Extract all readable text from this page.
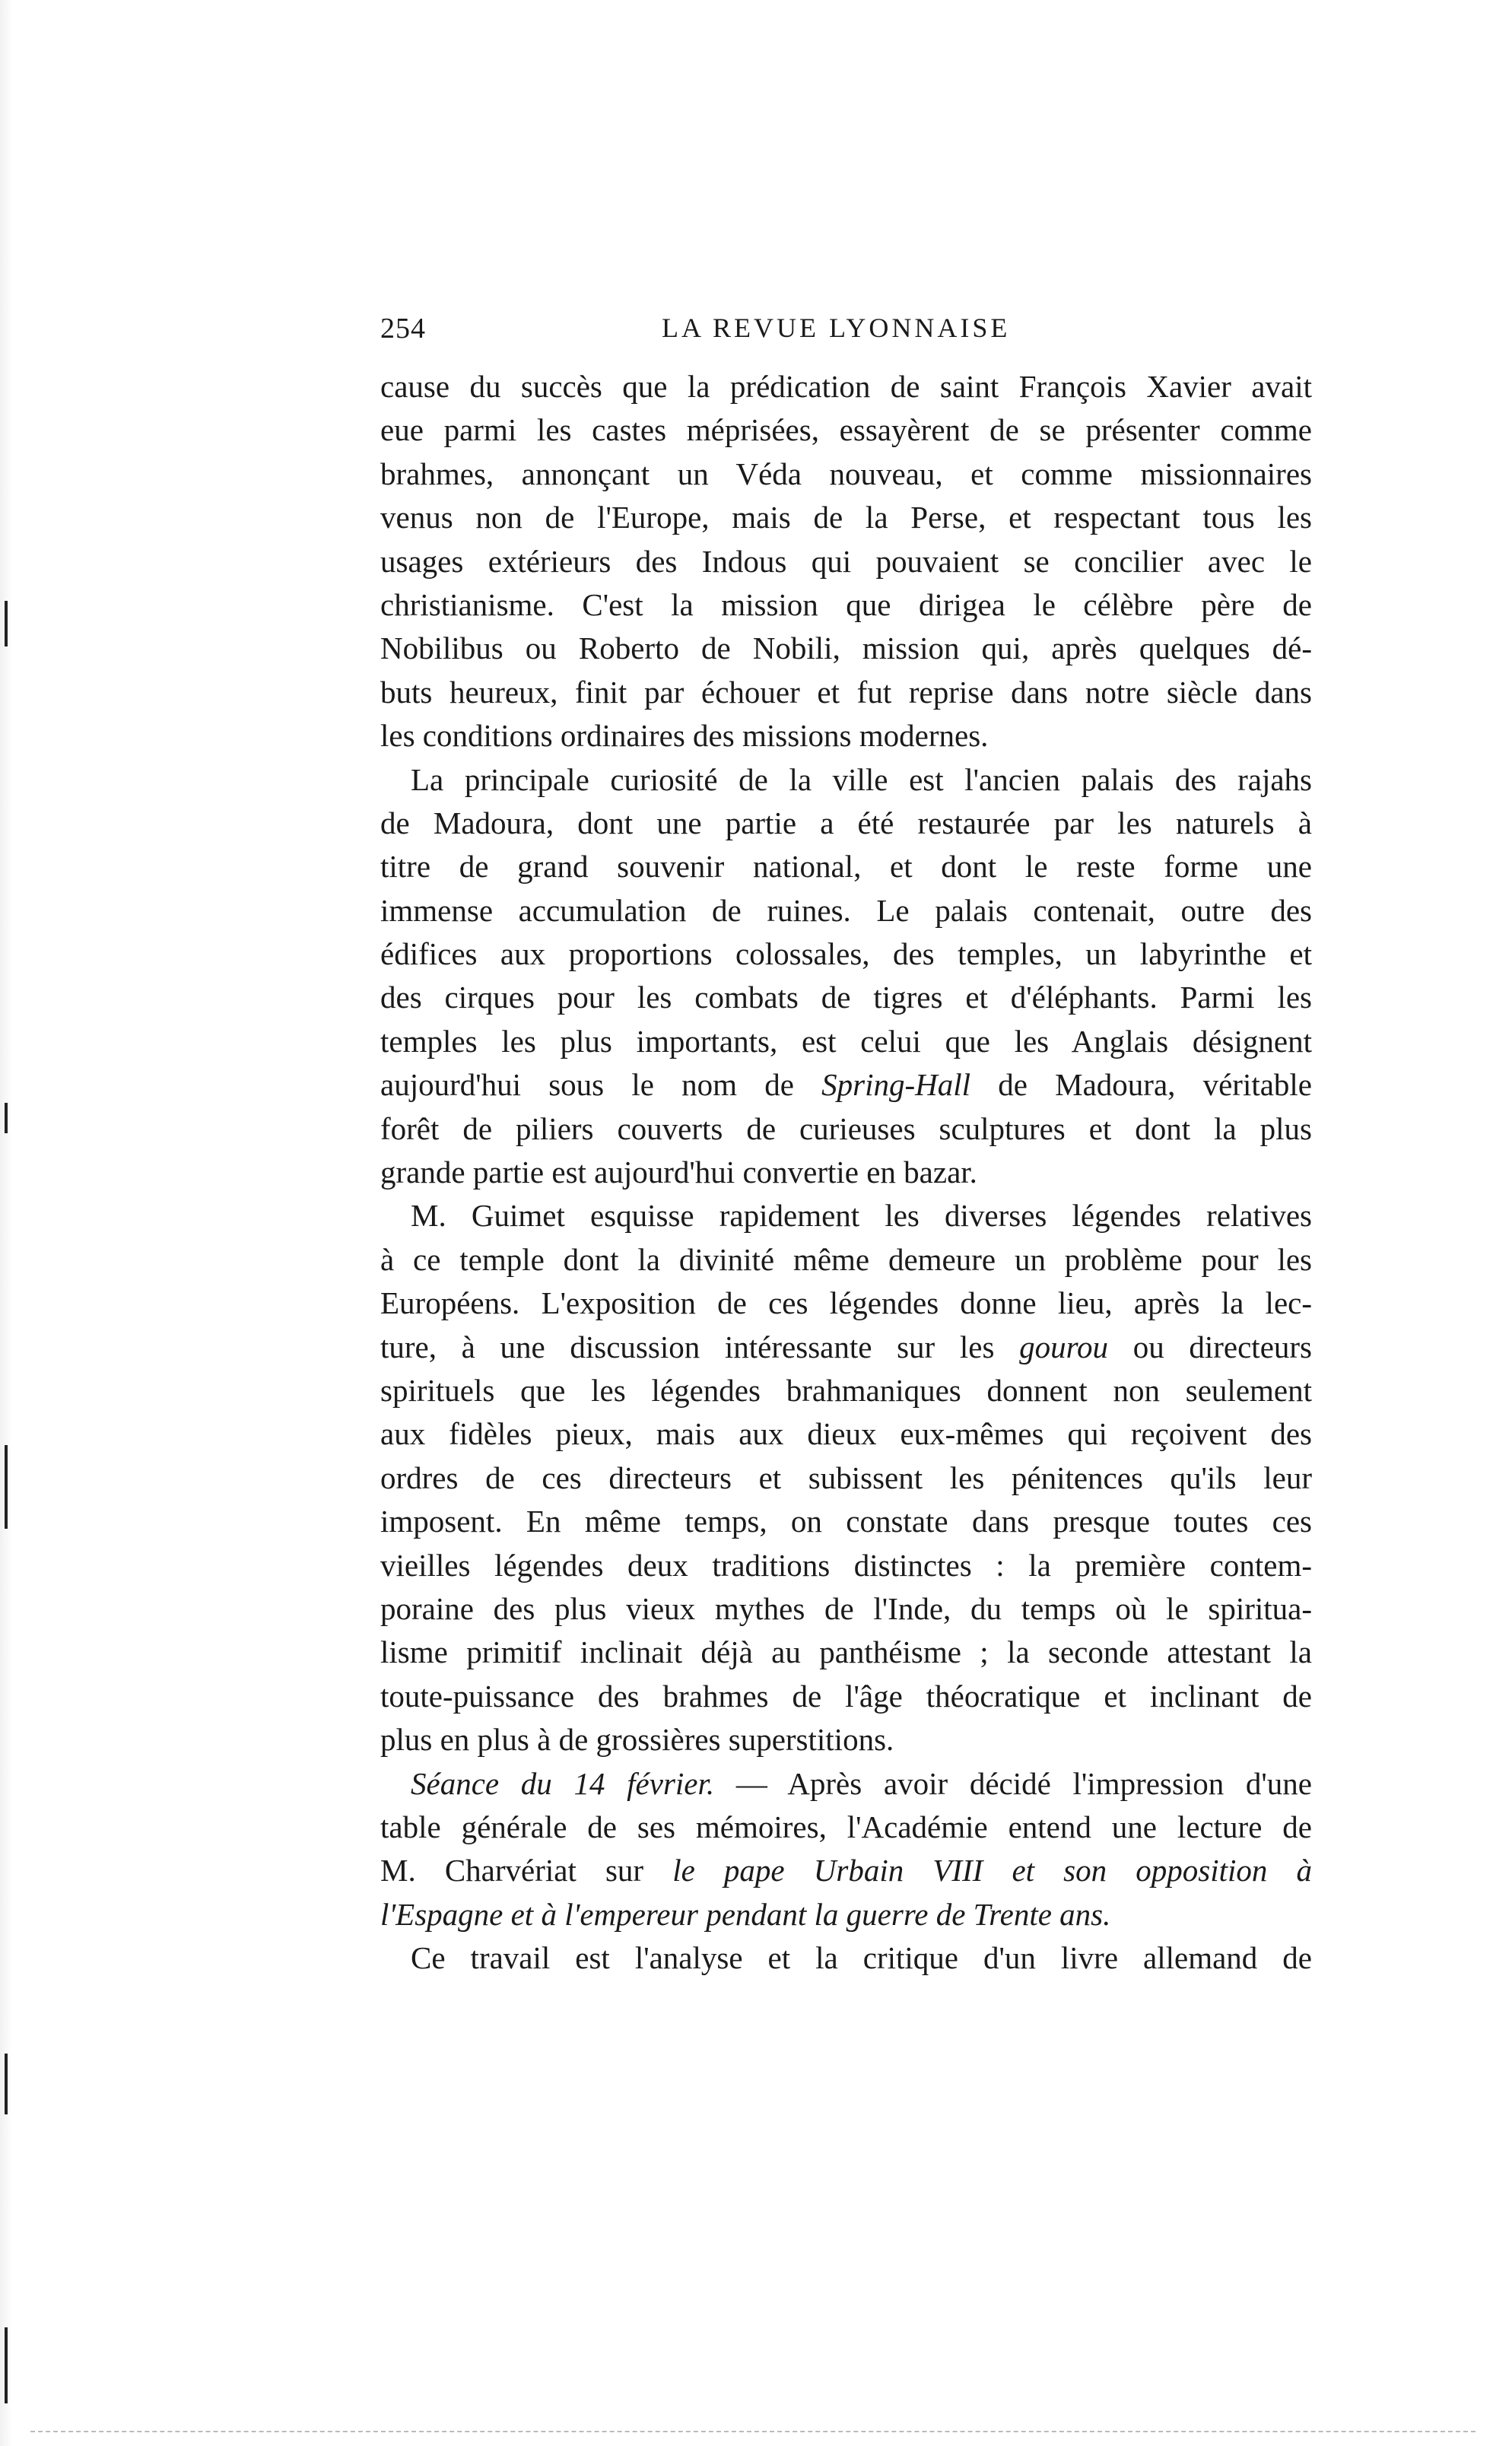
254	LA REVUE LYONNAISE
cause du succès que la prédication de saint François Xavier avait
eue parmi les castes méprisées, essayèrent de se présenter comme
brahmes, annonçant un Véda nouveau, et comme missionnaires
venus non de l'Europe, mais de la Perse, et respectant tous les
usages extérieurs des Indous qui pouvaient se concilier avec le
christianisme. C'est la mission que dirigea le célèbre père de
Nobilibus ou Roberto de Nobili, mission qui, après quelques dé-
buts heureux, finit par échouer et fut reprise dans notre siècle dans
les conditions ordinaires des missions modernes.
La principale curiosité de la ville est l'ancien palais des rajahs
de Madoura, dont une partie a été restaurée par les naturels à
titre de grand souvenir national, et dont le reste forme une
immense accumulation de ruines. Le palais contenait, outre des
édifices aux proportions colossales, des temples, un labyrinthe et
des cirques pour les combats de tigres et d'éléphants. Parmi les
temples les plus importants, est celui que les Anglais désignent
aujourd'hui sous le nom de Spring-Hall de Madoura, véritable
forêt de piliers couverts de curieuses sculptures et dont la plus
grande partie est aujourd'hui convertie en bazar.
M. Guimet esquisse rapidement les diverses légendes relatives
à ce temple dont la divinité même demeure un problème pour les
Européens. L'exposition de ces légendes donne lieu, après la lec-
ture, à une discussion intéressante sur les gourou ou directeurs
spirituels que les légendes brahmaniques donnent non seulement
aux fidèles pieux, mais aux dieux eux-mêmes qui reçoivent des
ordres de ces directeurs et subissent les pénitences qu'ils leur
imposent. En même temps, on constate dans presque toutes ces
vieilles légendes deux traditions distinctes : la première contem-
poraine des plus vieux mythes de l'Inde, du temps où le spiritua-
lisme primitif inclinait déjà au panthéisme ; la seconde attestant la
toute-puissance des brahmes de l'âge théocratique et inclinant de
plus en plus à de grossières superstitions.
Séance du 14 février. — Après avoir décidé l'impression d'une
table générale de ses mémoires, l'Académie entend une lecture de
M. Charvériat sur le pape Urbain VIII et son opposition à
l'Espagne et à l'empereur pendant la guerre de Trente ans.
Ce travail est l'analyse et la critique d'un livre allemand de
